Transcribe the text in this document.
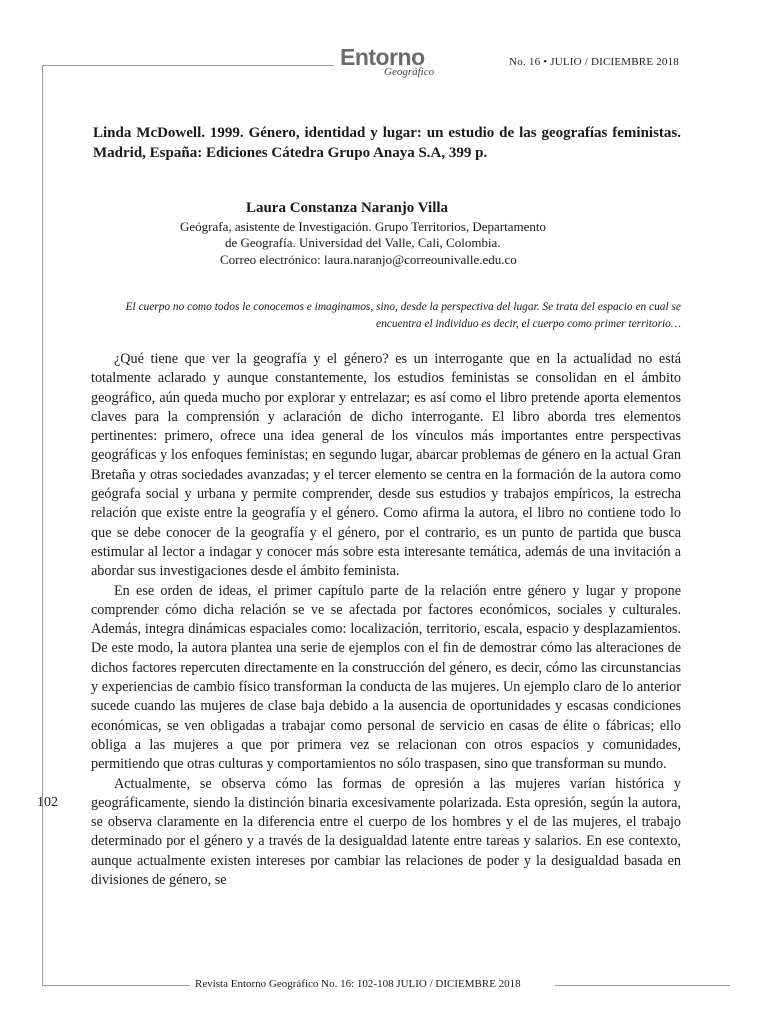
Entorno
Geográfico
No. 16 • JULIO / DICIEMBRE 2018
Linda McDowell. 1999. Género, identidad y lugar: un estudio de las geografías feministas. Madrid, España: Ediciones Cátedra Grupo Anaya S.A, 399 p.
Laura Constanza Naranjo Villa
Geógrafa, asistente de Investigación. Grupo Territorios, Departamento
de Geografía. Universidad del Valle, Cali, Colombia.
Correo electrónico: laura.naranjo@correounivalle.edu.co
El cuerpo no como todos le conocemos e imaginamos, sino, desde la perspectiva del lugar. Se trata del espacio en cual se encuentra el individuo es decir, el cuerpo como primer territorio…

¿Qué tiene que ver la geografía y el género? es un interrogante que en la actualidad no está totalmente aclarado y aunque constantemente, los estudios feministas se consolidan en el ámbito geográfico, aún queda mucho por explorar y entrelazar; es así como el libro pretende aporta elementos claves para la comprensión y aclaración de dicho interrogante. El libro aborda tres elementos pertinentes: primero, ofrece una idea general de los vínculos más importantes entre perspectivas geográficas y los enfoques feministas; en segundo lugar, abarcar problemas de género en la actual Gran Bretaña y otras sociedades avanzadas; y el tercer elemento se centra en la formación de la autora como geógrafa social y urbana y permite comprender, desde sus estudios y trabajos empíricos, la estrecha relación que existe entre la geografía y el género. Como afirma la autora, el libro no contiene todo lo que se debe conocer de la geografía y el género, por el contrario, es un punto de partida que busca estimular al lector a indagar y conocer más sobre esta interesante temática, además de una invitación a abordar sus investigaciones desde el ámbito feminista.

En ese orden de ideas, el primer capítulo parte de la relación entre género y lugar y propone comprender cómo dicha relación se ve se afectada por factores económicos, sociales y culturales. Además, integra dinámicas espaciales como: localización, territorio, escala, espacio y desplazamientos. De este modo, la autora plantea una serie de ejemplos con el fin de demostrar cómo las alteraciones de dichos factores repercuten directamente en la construcción del género, es decir, cómo las circunstancias y experiencias de cambio físico transforman la conducta de las mujeres. Un ejemplo claro de lo anterior sucede cuando las mujeres de clase baja debido a la ausencia de oportunidades y escasas condiciones económicas, se ven obligadas a trabajar como personal de servicio en casas de élite o fábricas; ello obliga a las mujeres a que por primera vez se relacionan con otros espacios y comunidades, permitiendo que otras culturas y comportamientos no sólo traspasen, sino que transforman su mundo.

Actualmente, se observa cómo las formas de opresión a las mujeres varían histórica y geográficamente, siendo la distinción binaria excesivamente polarizada. Esta opresión, según la autora, se observa claramente en la diferencia entre el cuerpo de los hombres y el de las mujeres, el trabajo determinado por el género y a través de la desigualdad latente entre tareas y salarios. En ese contexto, aunque actualmente existen intereses por cambiar las relaciones de poder y la desigualdad basada en divisiones de género, se

102
Revista Entorno Geográfico No. 16: 102-108 JULIO / DICIEMBRE 2018
